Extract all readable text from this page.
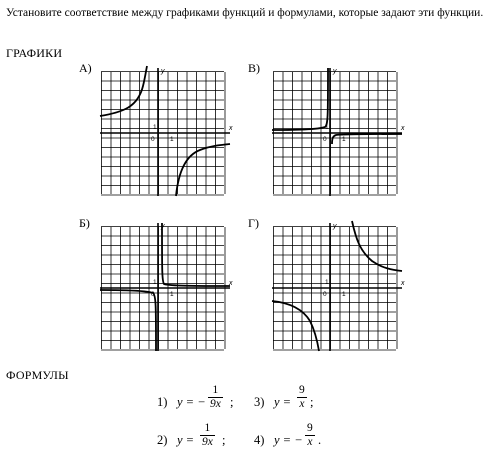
Установите соответствие между графиками функций и формулами, которые задают эти функции.
ГРАФИКИ
А)	В)
Б)	Г)
x
y
0
1
1
x
y
0
1
1
x
y
0
1
1
x
y
0
1
1
ФОРМУЛЫ
1) y = −
1
9x ; 3) y =
9
x ;
2) y =
1
9x ; 4) y = −
9
x .
